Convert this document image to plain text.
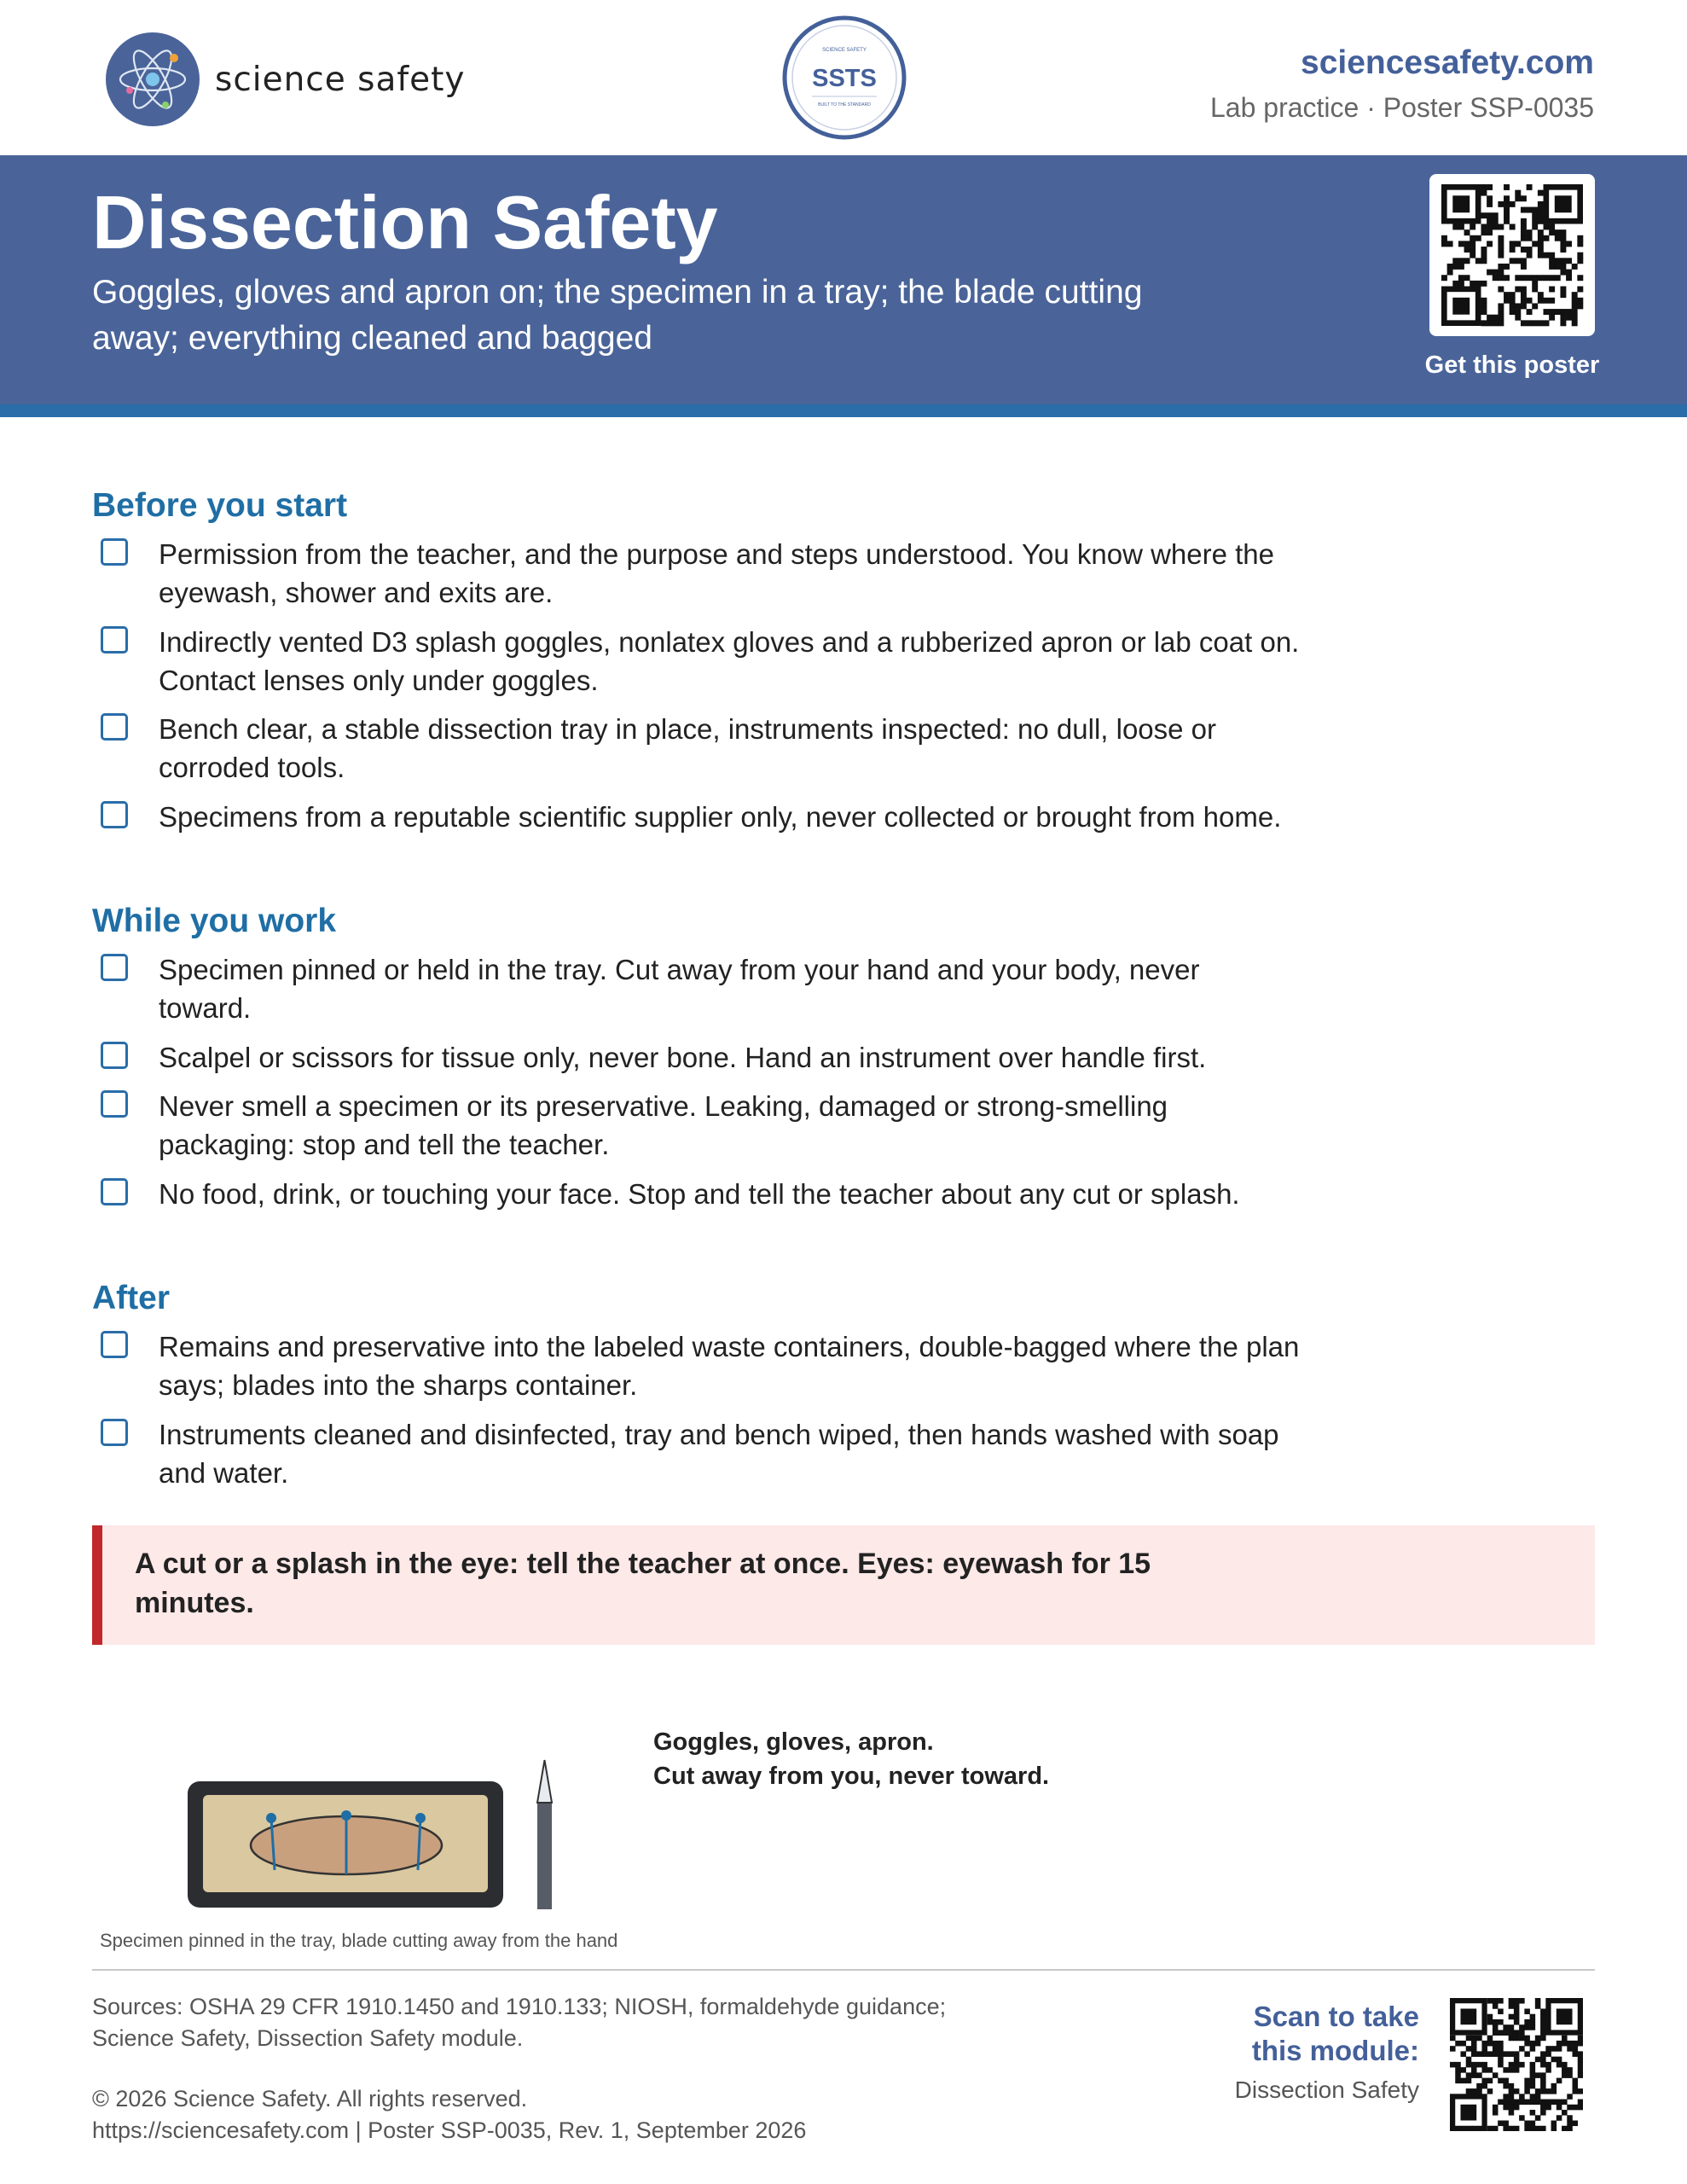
science safety
SCIENCE SAFETY
SSTS
BUILT TO THE STANDARD
sciencesafety.com
Lab practice · Poster SSP-0035
Dissection Safety
Goggles, gloves and apron on; the specimen in a tray; the blade cutting away; everything cleaned and bagged
Get this poster
Before you start
Permission from the teacher, and the purpose and steps understood. You know where the eyewash, shower and exits are.
Indirectly vented D3 splash goggles, nonlatex gloves and a rubberized apron or lab coat on. Contact lenses only under goggles.
Bench clear, a stable dissection tray in place, instruments inspected: no dull, loose or corroded tools.
Specimens from a reputable scientific supplier only, never collected or brought from home.
While you work
Specimen pinned or held in the tray. Cut away from your hand and your body, never toward.
Scalpel or scissors for tissue only, never bone. Hand an instrument over handle first.
Never smell a specimen or its preservative. Leaking, damaged or strong-smelling packaging: stop and tell the teacher.
No food, drink, or touching your face. Stop and tell the teacher about any cut or splash.
After
Remains and preservative into the labeled waste containers, double-bagged where the plan says; blades into the sharps container.
Instruments cleaned and disinfected, tray and bench wiped, then hands washed with soap and water.
A cut or a splash in the eye: tell the teacher at once. Eyes: eyewash for 15 minutes.
Goggles, gloves, apron.
Cut away from you, never toward.
Specimen pinned in the tray, blade cutting away from the hand
Sources: OSHA 29 CFR 1910.1450 and 1910.133; NIOSH, formaldehyde guidance;
Science Safety, Dissection Safety module.
© 2026 Science Safety. All rights reserved.
https://sciencesafety.com | Poster SSP-0035, Rev. 1, September 2026
Scan to take
this module:
Dissection Safety
